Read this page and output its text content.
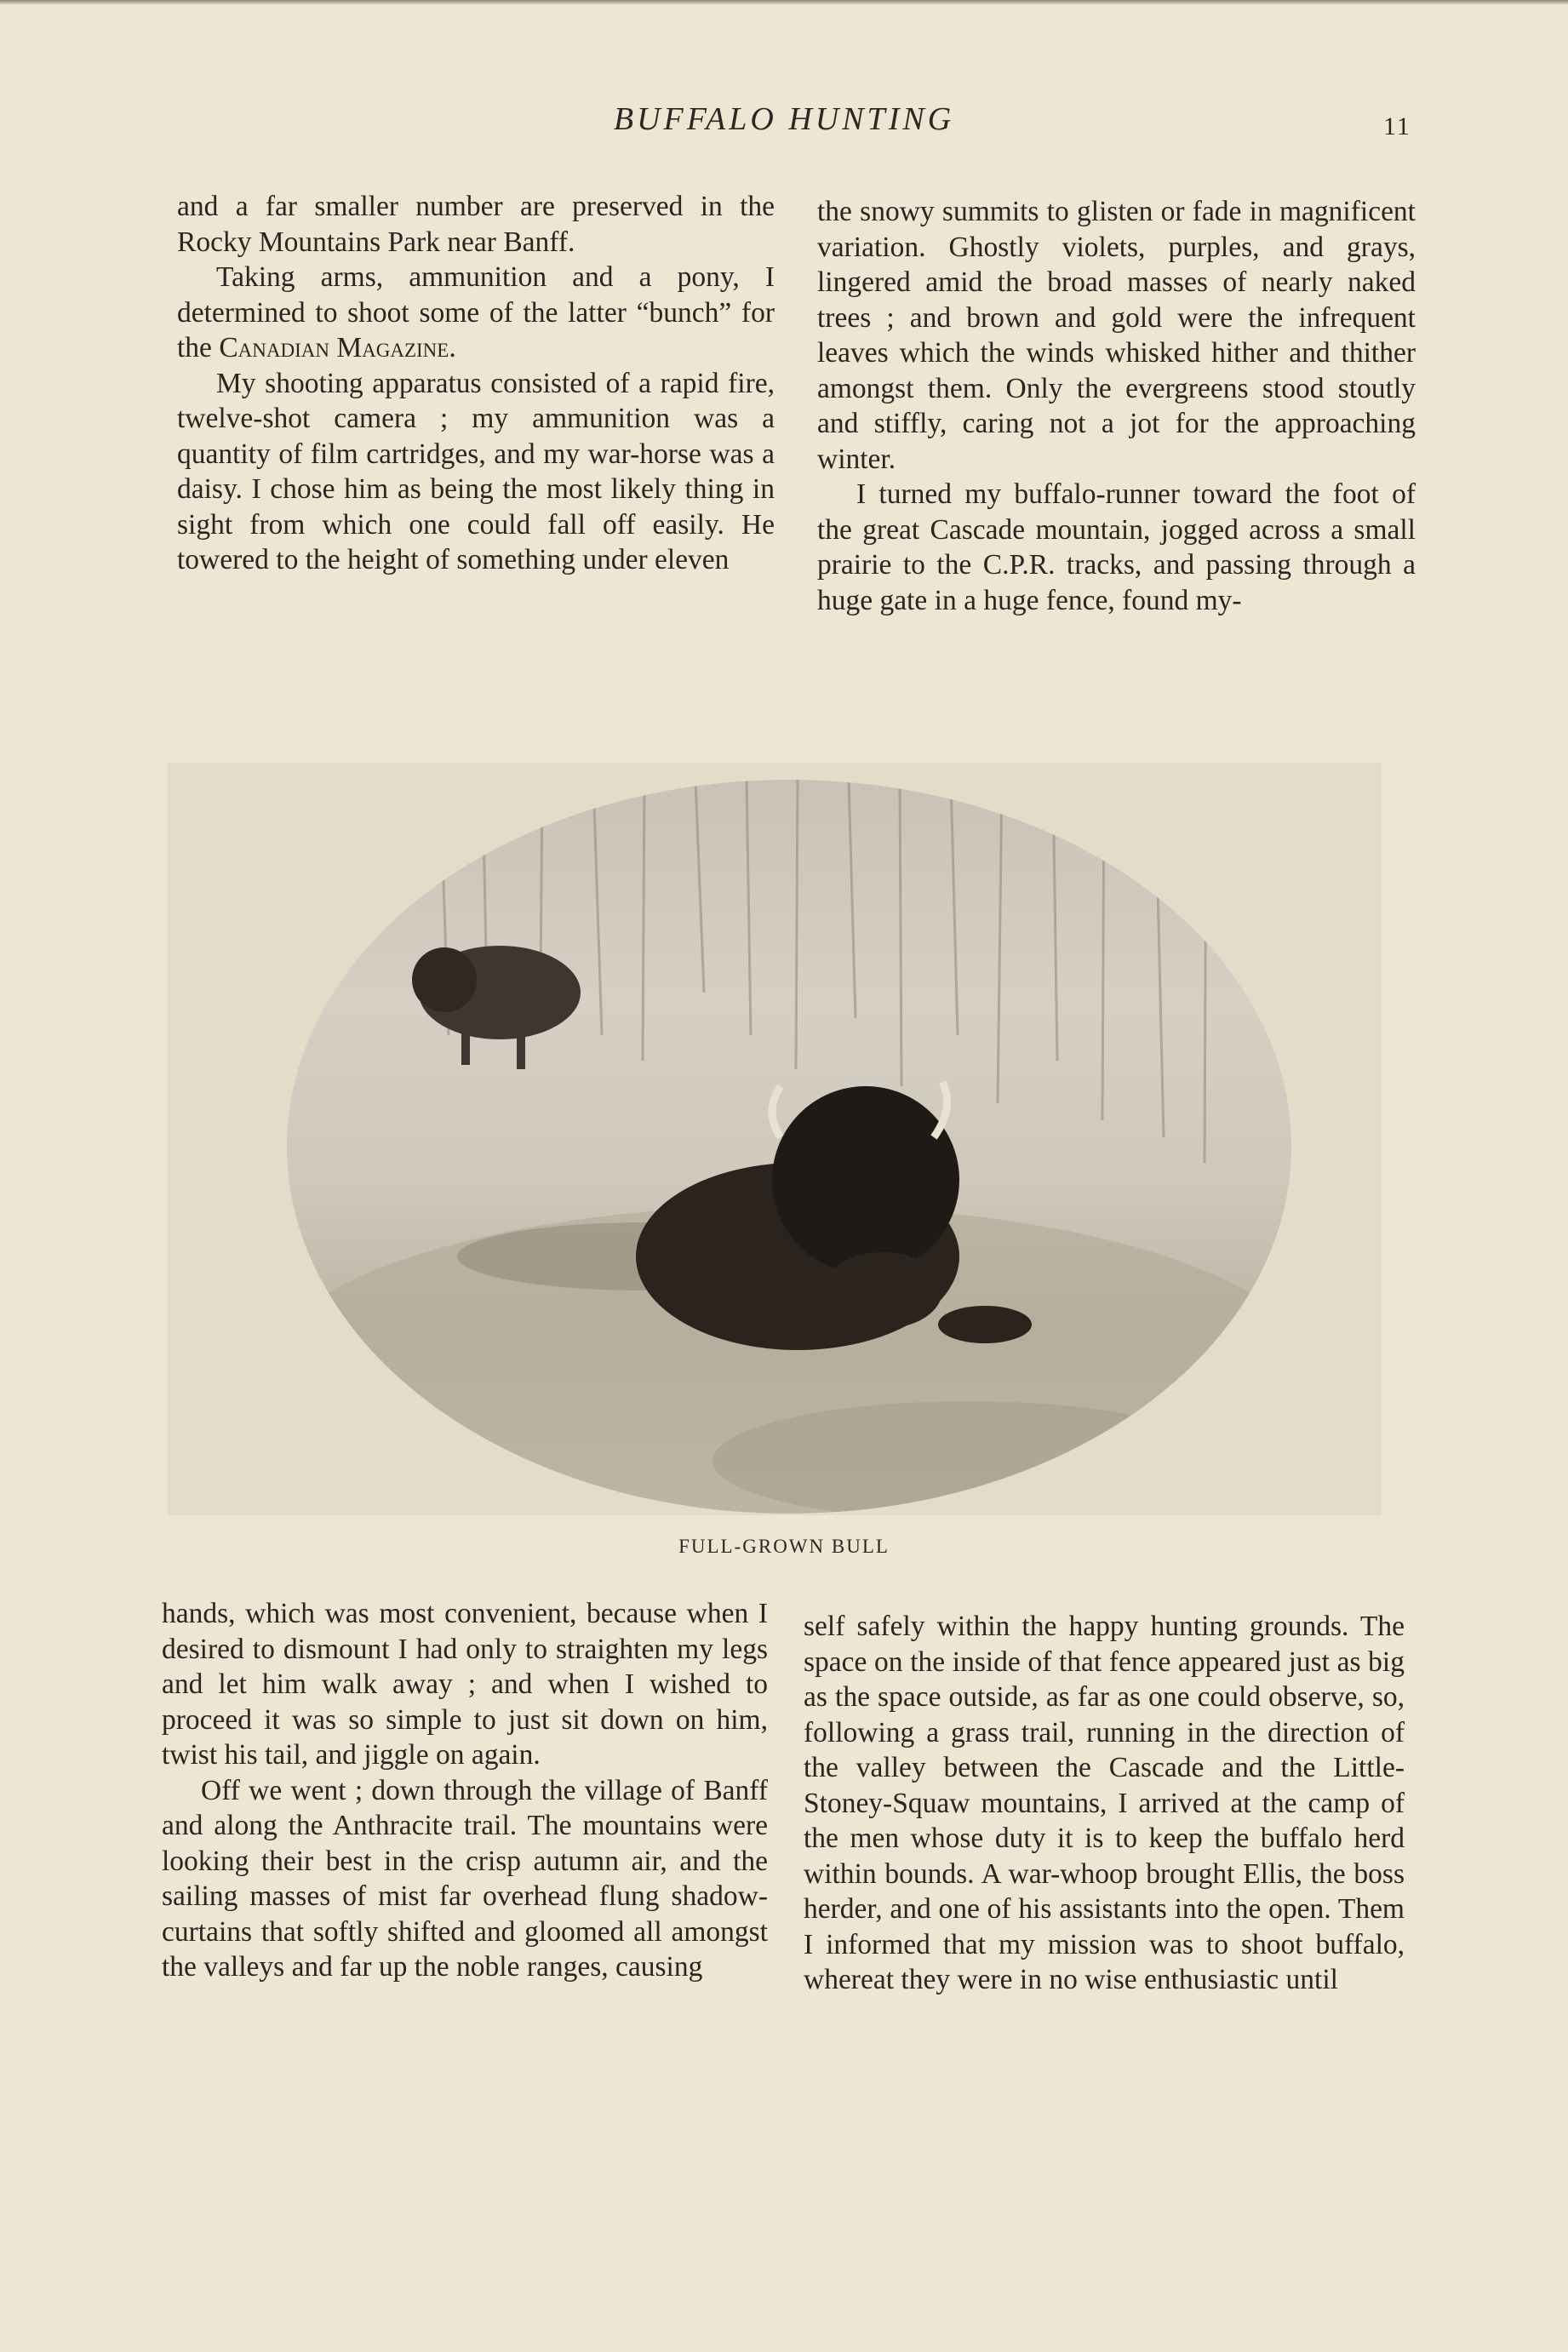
BUFFALO HUNTING	11

and a far smaller number are preserved in the Rocky Mountains Park near Banff.

Taking arms, ammunition and a pony, I determined to shoot some of the latter “bunch” for the Canadian Magazine.

My shooting apparatus consisted of a rapid fire, twelve-shot camera ; my ammunition was a quantity of film cartridges, and my war-horse was a daisy. I chose him as being the most likely thing in sight from which one could fall off easily. He towered to the height of something under eleven

the snowy summits to glisten or fade in magnificent variation. Ghostly violets, purples, and grays, lingered amid the broad masses of nearly naked trees ; and brown and gold were the infrequent leaves which the winds whisked hither and thither amongst them. Only the evergreens stood stoutly and stiffly, caring not a jot for the approaching winter.

I turned my buffalo-runner toward the foot of the great Cascade mountain, jogged across a small prairie to the C.P.R. tracks, and passing through a huge gate in a huge fence, found my-

FULL-GROWN BULL

hands, which was most convenient, because when I desired to dismount I had only to straighten my legs and let him walk away ; and when I wished to proceed it was so simple to just sit down on him, twist his tail, and jiggle on again.

Off we went ; down through the village of Banff and along the Anthracite trail. The mountains were looking their best in the crisp autumn air, and the sailing masses of mist far overhead flung shadow-curtains that softly shifted and gloomed all amongst the valleys and far up the noble ranges, causing

self safely within the happy hunting grounds. The space on the inside of that fence appeared just as big as the space outside, as far as one could observe, so, following a grass trail, running in the direction of the valley between the Cascade and the Little-Stoney-Squaw mountains, I arrived at the camp of the men whose duty it is to keep the buffalo herd within bounds. A war-whoop brought Ellis, the boss herder, and one of his assistants into the open. Them I informed that my mission was to shoot buffalo, whereat they were in no wise enthusiastic until
